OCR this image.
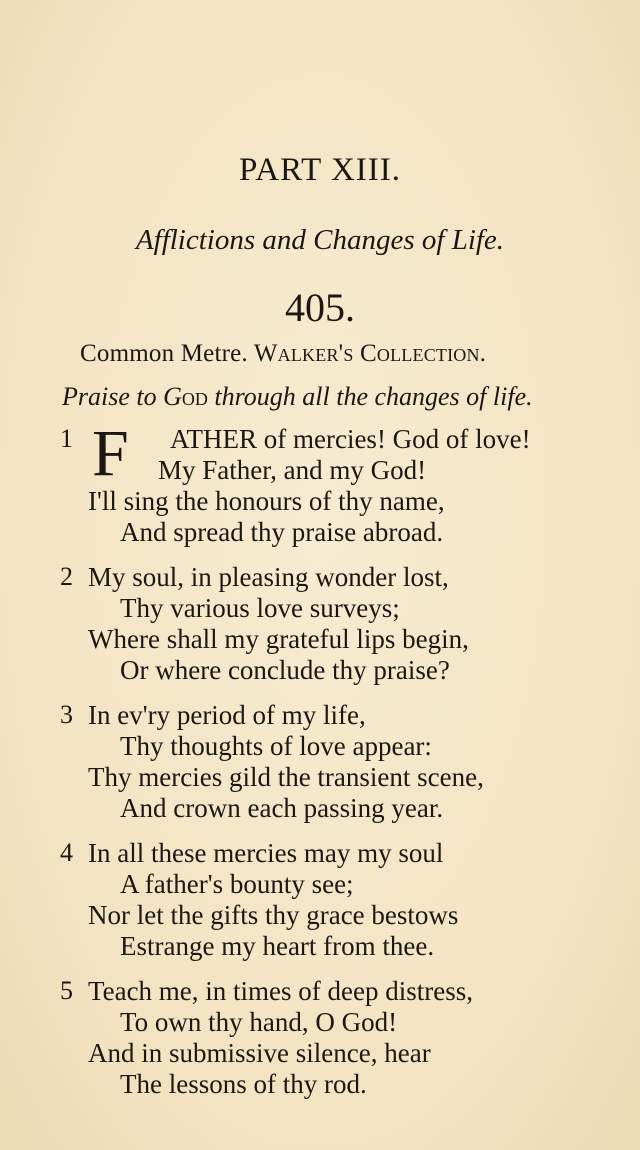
PART XIII.
Afflictions and Changes of Life.
405.
Common Metre. Walker's Collection.
Praise to God through all the changes of life.
1 F	ATHER of mercies! God of love!
My Father, and my God!
I'll sing the honours of thy name,
And spread thy praise abroad.
2 My soul, in pleasing wonder lost,
Thy various love surveys;
Where shall my grateful lips begin,
Or where conclude thy praise?
3 In ev'ry period of my life,
Thy thoughts of love appear:
Thy mercies gild the transient scene,
And crown each passing year.
4 In all these mercies may my soul
A father's bounty see;
Nor let the gifts thy grace bestows
Estrange my heart from thee.
5 Teach me, in times of deep distress,
To own thy hand, O God!
And in submissive silence, hear
The lessons of thy rod.
